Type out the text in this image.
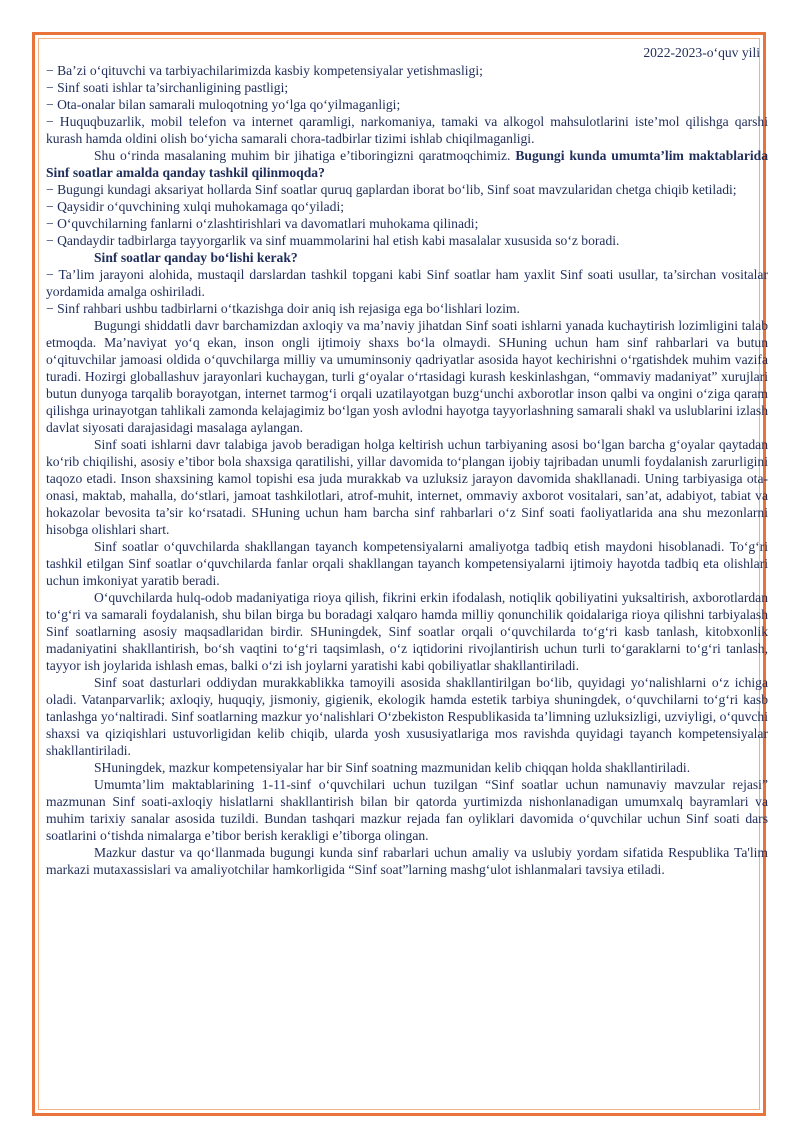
2022-2023-o‘quv yili

− Ba’zi o‘qituvchi va tarbiyachilarimizda kasbiy kompetensiyalar yetishmasligi;

− Sinf soati ishlar ta’sirchanligining pastligi;

− Ota-onalar bilan samarali muloqotning yo‘lga qo‘yilmaganligi;

− Huquqbuzarlik, mobil telefon va internet qaramligi, narkomaniya, tamaki va alkogol mahsulotlarini iste’mol qilishga qarshi kurash hamda oldini olish bo‘yicha samarali chora-tadbirlar tizimi ishlab chiqilmaganligi.

Shu o‘rinda masalaning muhim bir jihatiga e’tiboringizni qaratmoqchimiz. Bugungi kunda umumta’lim maktablarida Sinf soatlar amalda qanday tashkil qilinmoqda?

− Bugungi kundagi aksariyat hollarda Sinf soatlar quruq gaplardan iborat bo‘lib, Sinf soat mavzularidan chetga chiqib ketiladi;

− Qaysidir o‘quvchining xulqi muhokamaga qo‘yiladi;

− O‘quvchilarning fanlarni o‘zlashtirishlari va davomatlari muhokama qilinadi;

− Qandaydir tadbirlarga tayyorgarlik va sinf muammolarini hal etish kabi masalalar xususida so‘z boradi.

Sinf soatlar qanday bo‘lishi kerak?

− Ta’lim jarayoni alohida, mustaqil darslardan tashkil topgani kabi Sinf soatlar ham yaxlit Sinf soati usullar, ta’sirchan vositalar yordamida amalga oshiriladi.

− Sinf rahbari ushbu tadbirlarni o‘tkazishga doir aniq ish rejasiga ega bo‘lishlari lozim.

Bugungi shiddatli davr barchamizdan axloqiy va ma’naviy jihatdan Sinf soati ishlarni yanada kuchaytirish lozimligini talab etmoqda. Ma’naviyat yo‘q ekan, inson ongli ijtimoiy shaxs bo‘la olmaydi. SHuning uchun ham sinf rahbarlari va butun o‘qituvchilar jamoasi oldida o‘quvchilarga milliy va umuminsoniy qadriyatlar asosida hayot kechirishni o‘rgatishdek muhim vazifa turadi. Hozirgi globallashuv jarayonlari kuchaygan, turli g‘oyalar o‘rtasidagi kurash keskinlashgan, “ommaviy madaniyat” xurujlari butun dunyoga tarqalib borayotgan, internet tarmog‘i orqali uzatilayotgan buzg‘unchi axborotlar inson qalbi va ongini o‘ziga qaram qilishga urinayotgan tahlikali zamonda kelajagimiz bo‘lgan yosh avlodni hayotga tayyorlashning samarali shakl va uslublarini izlash davlat siyosati darajasidagi masalaga aylangan.

Sinf soati ishlarni davr talabiga javob beradigan holga keltirish uchun tarbiyaning asosi bo‘lgan barcha g‘oyalar qaytadan ko‘rib chiqilishi, asosiy e’tibor bola shaxsiga qaratilishi, yillar davomida to‘plangan ijobiy tajribadan unumli foydalanish zarurligini taqozo etadi. Inson shaxsining kamol topishi esa juda murakkab va uzluksiz jarayon davomida shakllanadi. Uning tarbiyasiga ota-onasi, maktab, mahalla, do‘stlari, jamoat tashkilotlari, atrof-muhit, internet, ommaviy axborot vositalari, san’at, adabiyot, tabiat va hokazolar bevosita ta’sir ko‘rsatadi. SHuning uchun ham barcha sinf rahbarlari o‘z Sinf soati faoliyatlarida ana shu mezonlarni hisobga olishlari shart.

Sinf soatlar o‘quvchilarda shakllangan tayanch kompetensiyalarni amaliyotga tadbiq etish maydoni hisoblanadi. To‘g‘ri tashkil etilgan Sinf soatlar o‘quvchilarda fanlar orqali shakllangan tayanch kompetensiyalarni ijtimoiy hayotda tadbiq eta olishlari uchun imkoniyat yaratib beradi.

O‘quvchilarda hulq-odob madaniyatiga rioya qilish, fikrini erkin ifodalash, notiqlik qobiliyatini yuksaltirish, axborotlardan to‘g‘ri va samarali foydalanish, shu bilan birga bu boradagi xalqaro hamda milliy qonunchilik qoidalariga rioya qilishni tarbiyalash Sinf soatlarning asosiy maqsadlaridan birdir. SHuningdek, Sinf soatlar orqali o‘quvchilarda to‘g‘ri kasb tanlash, kitobxonlik madaniyatini shakllantirish, bo‘sh vaqtini to‘g‘ri taqsimlash, o‘z iqtidorini rivojlantirish uchun turli to‘garaklarni to‘g‘ri tanlash, tayyor ish joylarida ishlash emas, balki o‘zi ish joylarni yaratishi kabi qobiliyatlar shakllantiriladi.

Sinf soat dasturlari oddiydan murakkablikka tamoyili asosida shakllantirilgan bo‘lib, quyidagi yo‘nalishlarni o‘z ichiga oladi. Vatanparvarlik; axloqiy, huquqiy, jismoniy, gigienik, ekologik hamda estetik tarbiya shuningdek, o‘quvchilarni to‘g‘ri kasb tanlashga yo‘naltiradi. Sinf soatlarning mazkur yo‘nalishlari O‘zbekiston Respublikasida ta’limning uzluksizligi, uzviyligi, o‘quvchi shaxsi va qiziqishlari ustuvorligidan kelib chiqib, ularda yosh xususiyatlariga mos ravishda quyidagi tayanch kompetensiyalar shakllantiriladi.

SHuningdek, mazkur kompetensiyalar har bir Sinf soatning mazmunidan kelib chiqqan holda shakllantiriladi.

Umumta’lim maktablarining 1-11-sinf o‘quvchilari uchun tuzilgan “Sinf soatlar uchun namunaviy mavzular rejasi” mazmunan Sinf soati-axloqiy hislatlarni shakllantirish bilan bir qatorda yurtimizda nishonlanadigan umumxalq bayramlari va muhim tarixiy sanalar asosida tuzildi. Bundan tashqari mazkur rejada fan oyliklari davomida o‘quvchilar uchun Sinf soati dars soatlarini o‘tishda nimalarga e’tibor berish kerakligi e’tiborga olingan.

Mazkur dastur va qo‘llanmada bugungi kunda sinf rabarlari uchun amaliy va uslubiy yordam sifatida Respublika Ta'lim markazi mutaxassislari va amaliyotchilar hamkorligida “Sinf soat”larning mashg‘ulot ishlanmalari tavsiya etiladi.
